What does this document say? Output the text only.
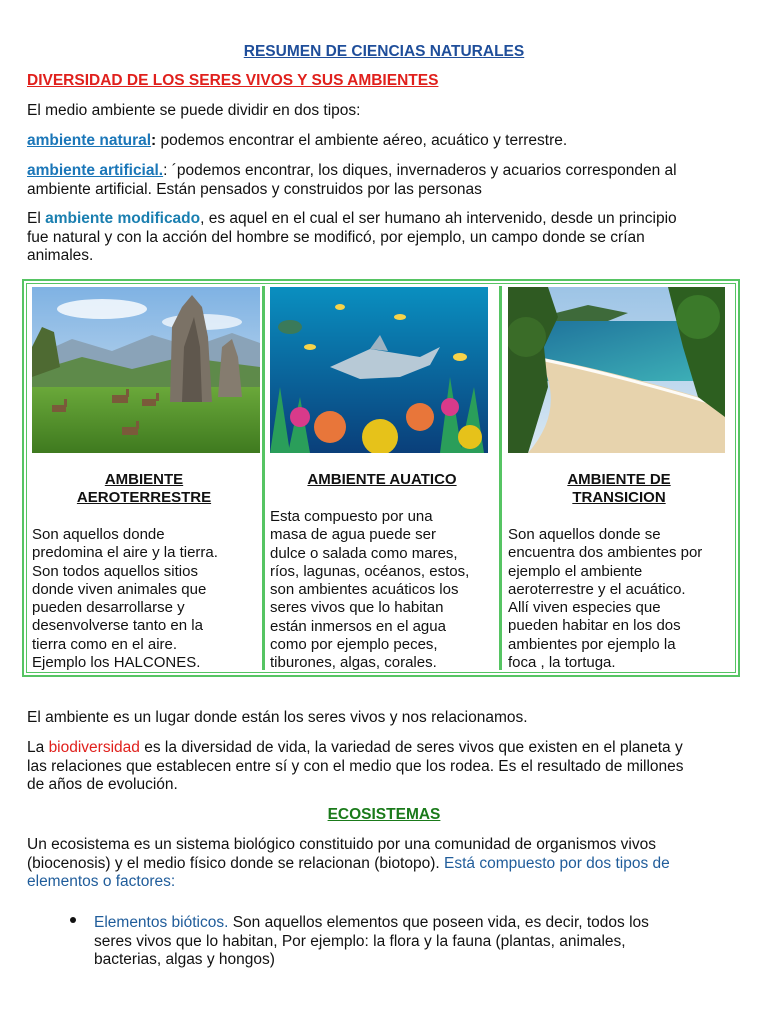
RESUMEN DE CIENCIAS NATURALES
DIVERSIDAD DE LOS SERES VIVOS Y SUS AMBIENTES
El medio ambiente se puede dividir en dos tipos:
ambiente natural: podemos encontrar el ambiente aéreo, acuático y terrestre.
ambiente artificial.: ´podemos encontrar, los diques, invernaderos y acuarios corresponden al
ambiente artificial. Están pensados y construidos por las personas
El ambiente modificado, es aquel en el cual el ser humano ah intervenido, desde un principio
fue natural y con la acción del hombre se modificó, por ejemplo, un campo donde se crían
animales.
AMBIENTE
AEROTERRESTRE
AMBIENTE AUATICO	AMBIENTE DE
TRANSICION
Son aquellos donde
predomina el aire y la tierra.
Son todos aquellos sitios
donde viven animales que
pueden desarrollarse y
desenvolverse tanto en la
tierra como en el aire.
Ejemplo los HALCONES.
Esta compuesto por una
masa de agua puede ser
dulce o salada como mares,
ríos, lagunas, océanos, estos,
son ambientes acuáticos los
seres vivos que lo habitan
están inmersos en el agua
como por ejemplo peces,
tiburones, algas, corales.
Son aquellos donde se
encuentra dos ambientes por
ejemplo el ambiente
aeroterrestre y el acuático.
Allí viven especies que
pueden habitar en los dos
ambientes por ejemplo la
foca , la tortuga.
El ambiente es un lugar donde están los seres vivos y nos relacionamos.
La biodiversidad es la diversidad de vida, la variedad de seres vivos que existen en el planeta y
las relaciones que establecen entre sí y con el medio que los rodea. Es el resultado de millones
de años de evolución.
ECOSISTEMAS
Un ecosistema es un sistema biológico constituido por una comunidad de organismos vivos
(biocenosis) y el medio físico donde se relacionan (biotopo). Está compuesto por dos tipos de
elementos o factores:
Elementos bióticos. Son aquellos elementos que poseen vida, es decir, todos los
seres vivos que lo habitan, Por ejemplo: la flora y la fauna (plantas, animales,
bacterias, algas y hongos)
